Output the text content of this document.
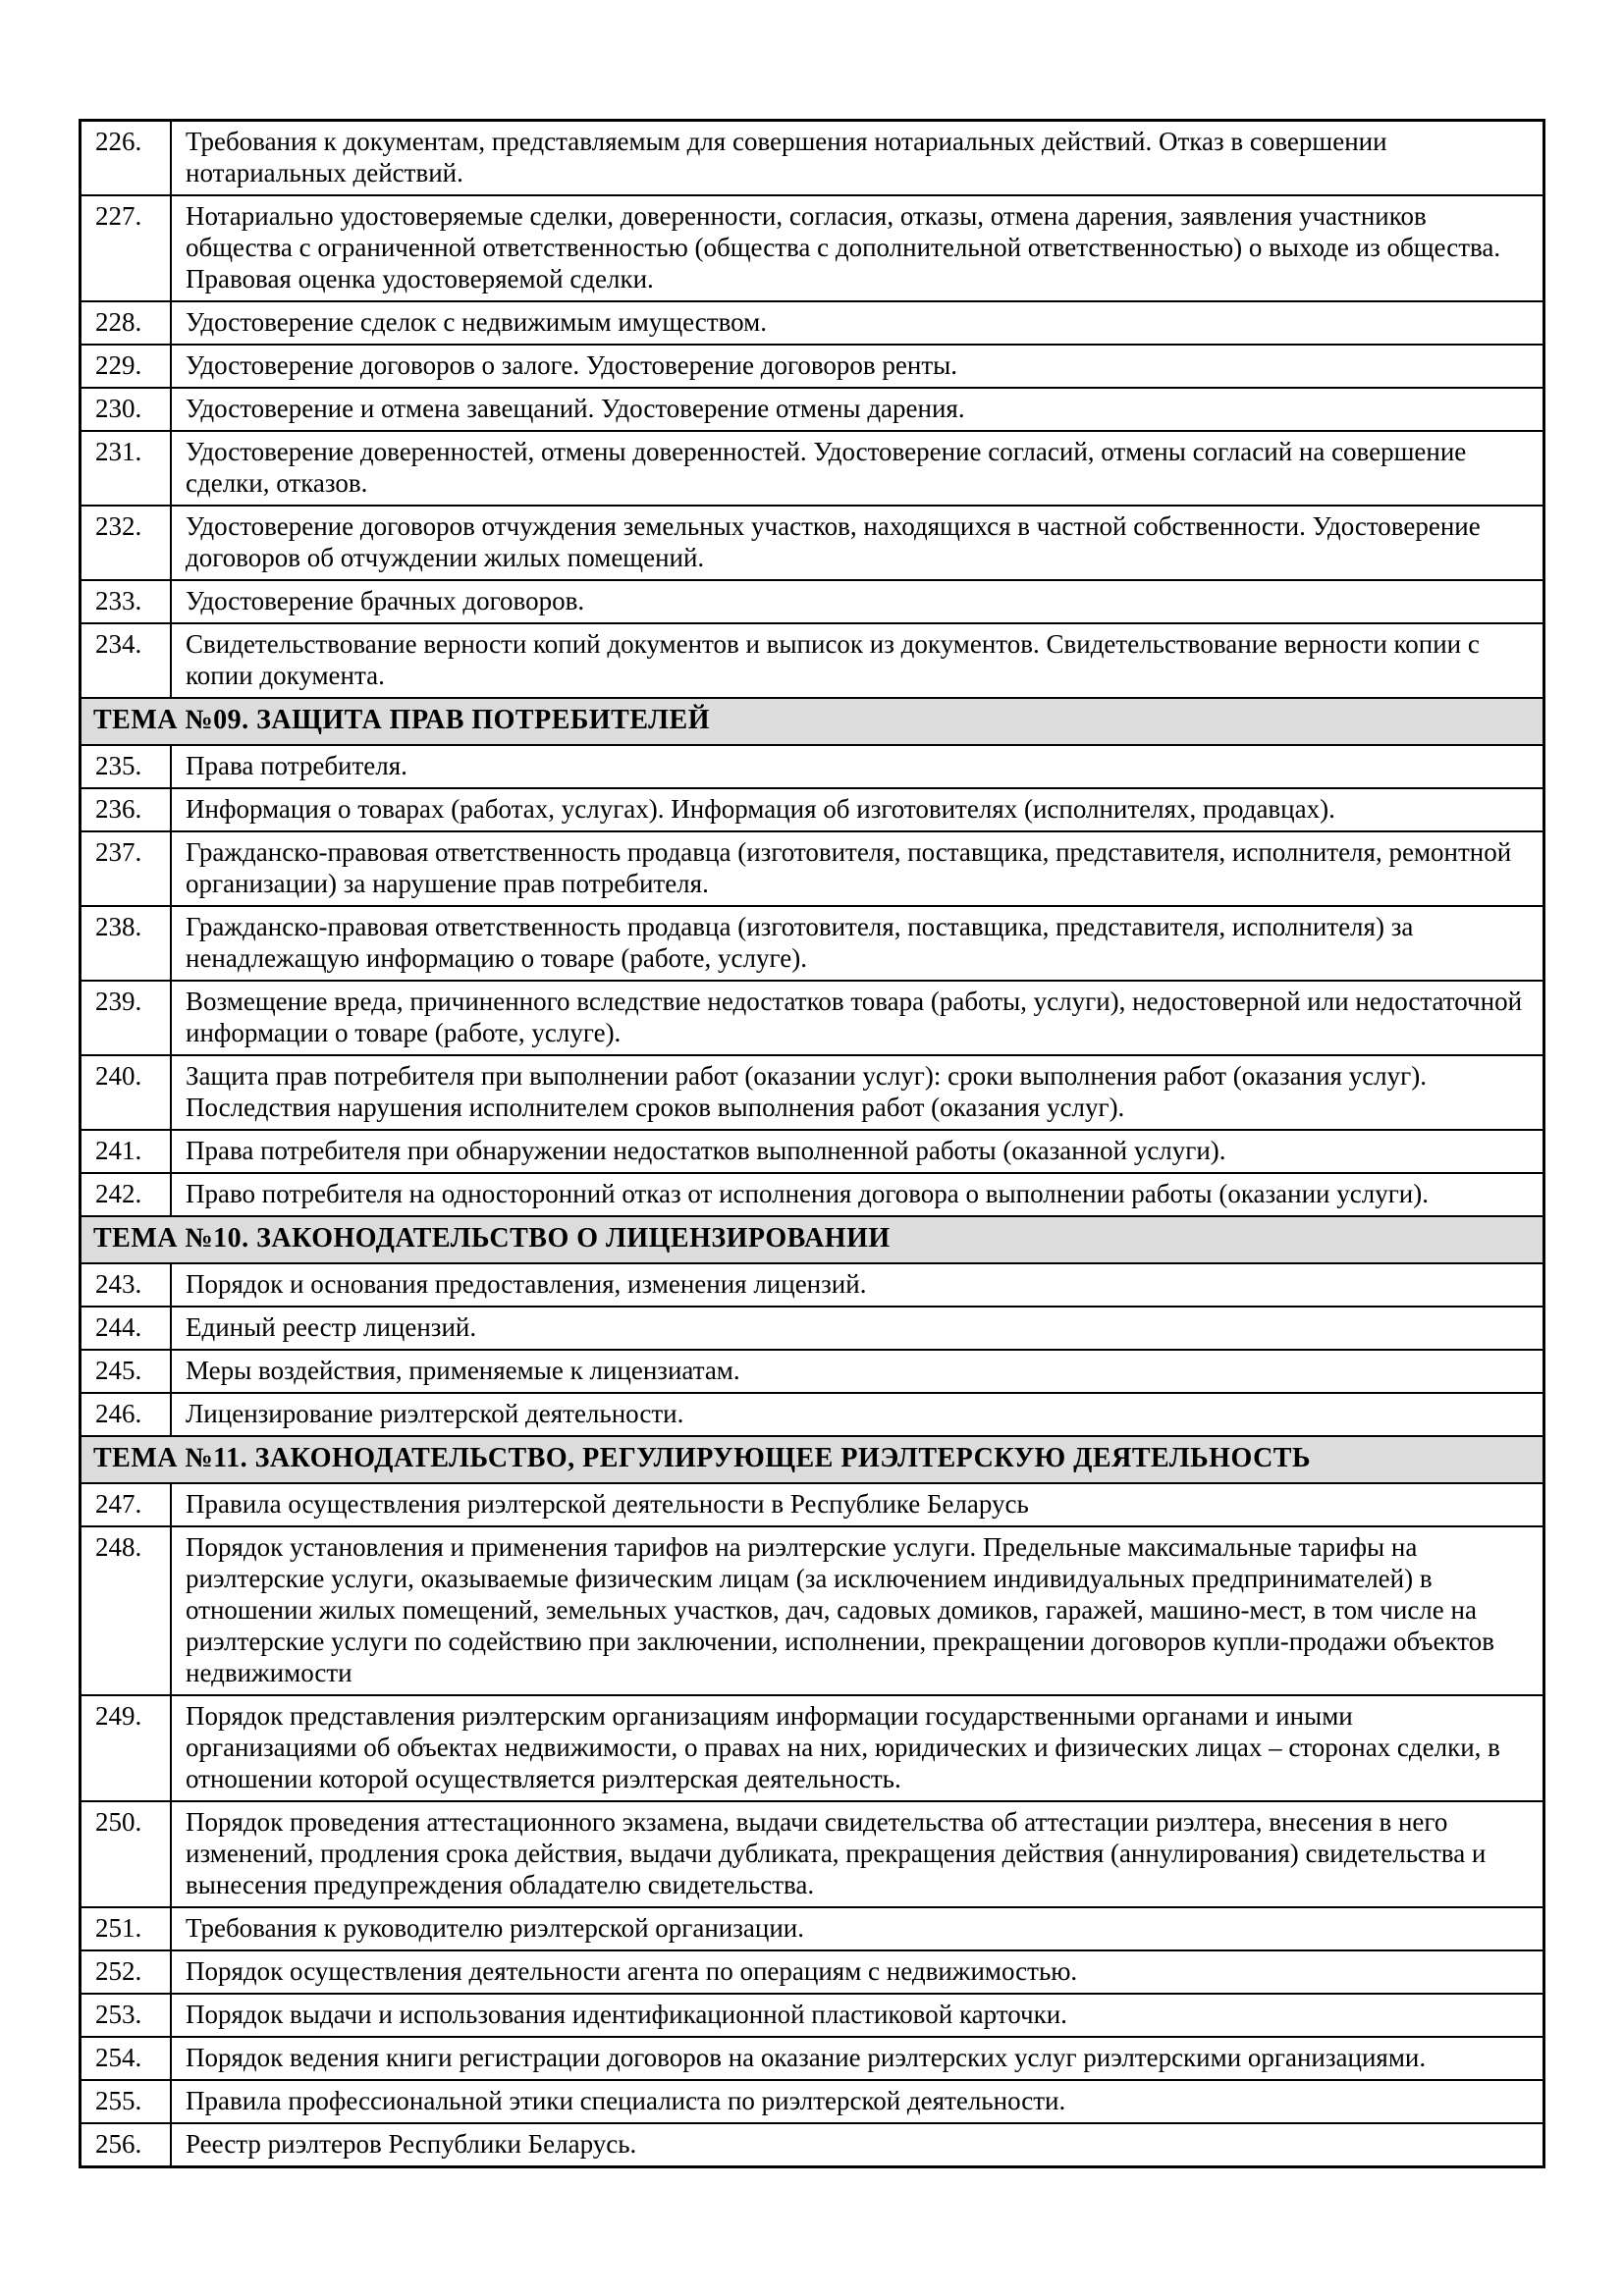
226.	Требования к документам, представляемым для совершения нотариальных действий. Отказ в совершении нотариальных действий.
227.	Нотариально удостоверяемые сделки, доверенности, согласия, отказы, отмена дарения, заявления участников общества с ограниченной ответственностью (общества с дополнительной ответственностью) о выходе из общества. Правовая оценка удостоверяемой сделки.
228.	Удостоверение сделок с недвижимым имуществом.
229.	Удостоверение договоров о залоге. Удостоверение договоров ренты.
230.	Удостоверение и отмена завещаний. Удостоверение отмены дарения.
231.	Удостоверение доверенностей, отмены доверенностей. Удостоверение согласий, отмены согласий на совершение сделки, отказов.
232.	Удостоверение договоров отчуждения земельных участков, находящихся в частной собственности. Удостоверение договоров об отчуждении жилых помещений.
233.	Удостоверение брачных договоров.
234.	Свидетельствование верности копий документов и выписок из документов. Свидетельствование верности копии с копии документа.
ТЕМА №09. ЗАЩИТА ПРАВ ПОТРЕБИТЕЛЕЙ	
235.	Права потребителя.
236.	Информация о товарах (работах, услугах). Информация об изготовителях (исполнителях, продавцах).
237.	Гражданско-правовая ответственность продавца (изготовителя, поставщика, представителя, исполнителя, ремонтной организации) за нарушение прав потребителя.
238.	Гражданско-правовая ответственность продавца (изготовителя, поставщика, представителя, исполнителя) за ненадлежащую информацию о товаре (работе, услуге).
239.	Возмещение вреда, причиненного вследствие недостатков товара (работы, услуги), недостоверной или недостаточной информации о товаре (работе, услуге).
240.	Защита прав потребителя при выполнении работ (оказании услуг): сроки выполнения работ (оказания услуг). Последствия нарушения исполнителем сроков выполнения работ (оказания услуг).
241.	Права потребителя при обнаружении недостатков выполненной работы (оказанной услуги).
242.	Право потребителя на односторонний отказ от исполнения договора о выполнении работы (оказании услуги).
ТЕМА №10. ЗАКОНОДАТЕЛЬСТВО О ЛИЦЕНЗИРОВАНИИ	
243.	Порядок и основания предоставления, изменения лицензий.
244.	Единый реестр лицензий.
245.	Меры воздействия, применяемые к лицензиатам.
246.	Лицензирование риэлтерской деятельности.
ТЕМА №11. ЗАКОНОДАТЕЛЬСТВО, РЕГУЛИРУЮЩЕЕ РИЭЛТЕРСКУЮ ДЕЯТЕЛЬНОСТЬ	
247.	Правила осуществления риэлтерской деятельности в Республике Беларусь
248.	Порядок установления и применения тарифов на риэлтерские услуги. Предельные максимальные тарифы на риэлтерские услуги, оказываемые физическим лицам (за исключением индивидуальных предпринимателей) в отношении жилых помещений, земельных участков, дач, садовых домиков, гаражей, машино-мест, в том числе на риэлтерские услуги по содействию при заключении, исполнении, прекращении договоров купли-продажи объектов недвижимости
249.	Порядок представления риэлтерским организациям информации государственными органами и иными организациями об объектах недвижимости, о правах на них, юридических и физических лицах – сторонах сделки, в отношении которой осуществляется риэлтерская деятельность.
250.	Порядок проведения аттестационного экзамена, выдачи свидетельства об аттестации риэлтера, внесения в него изменений, продления срока действия, выдачи дубликата, прекращения действия (аннулирования) свидетельства и вынесения предупреждения обладателю свидетельства.
251.	Требования к руководителю риэлтерской организации.
252.	Порядок осуществления деятельности агента по операциям с недвижимостью.
253.	Порядок выдачи и использования идентификационной пластиковой карточки.
254.	Порядок ведения книги регистрации договоров на оказание риэлтерских услуг риэлтерскими организациями.
255.	Правила профессиональной этики специалиста по риэлтерской деятельности.
256.	Реестр риэлтеров Республики Беларусь.
